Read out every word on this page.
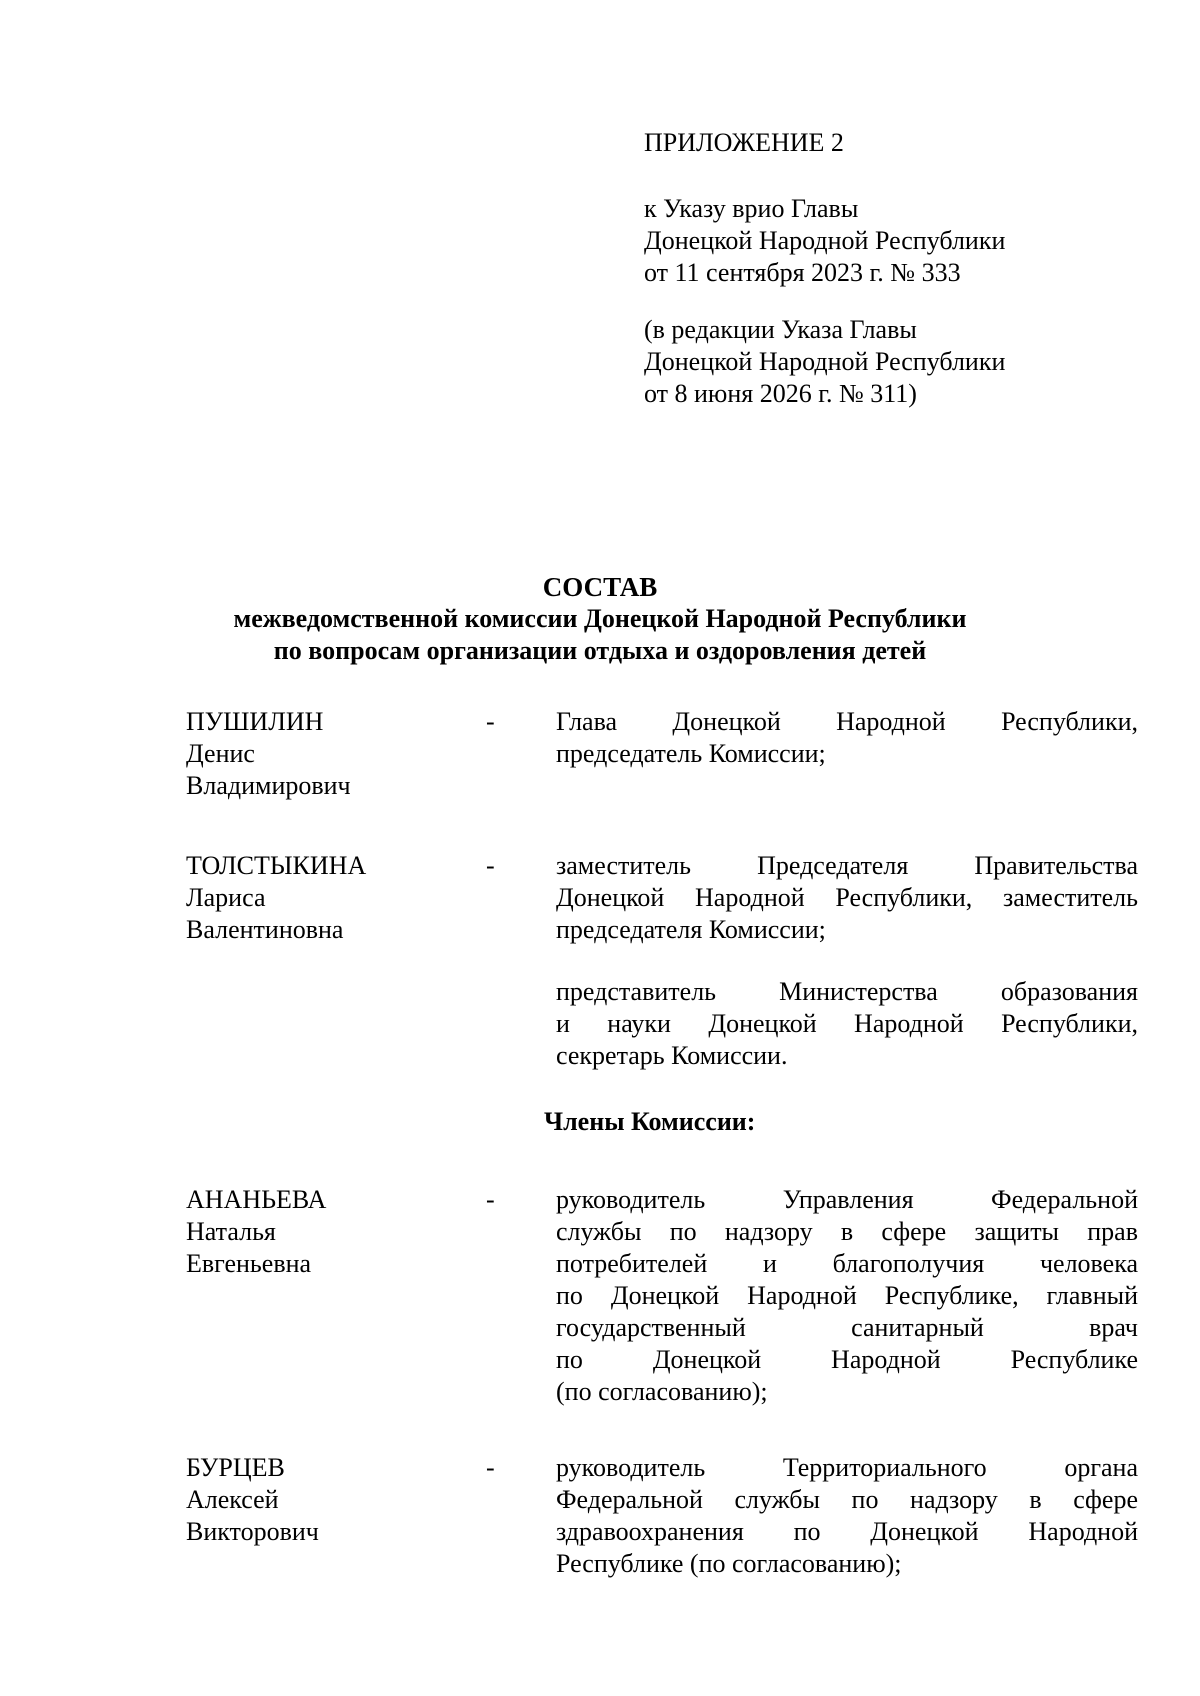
ПРИЛОЖЕНИЕ 2
к Указу врио Главы
Донецкой Народной Республики
от 11 сентября 2023 г. № 333
(в редакции Указа Главы
Донецкой Народной Республики
от 8 июня 2026 г. № 311)
СОСТАВ
межведомственной комиссии Донецкой Народной Республики
по вопросам организации отдыха и оздоровления детей
ПУШИЛИН
Денис
Владимирович
-	Глава Донецкой Народной Республики,
председатель Комиссии;
ТОЛСТЫКИНА
Лариса
Валентиновна
-	заместитель Председателя Правительства
Донецкой Народной Республики, заместитель
председателя Комиссии;
представитель Министерства образования
и науки Донецкой Народной Республики,
секретарь Комиссии.
Члены Комиссии:
АНАНЬЕВА
Наталья
Евгеньевна
-	руководитель Управления Федеральной
службы по надзору в сфере защиты прав
потребителей и благополучия человека
по Донецкой Народной Республике, главный
государственный санитарный врач
по Донецкой Народной Республике
(по согласованию);
БУРЦЕВ
Алексей
Викторович
-	руководитель Территориального органа
Федеральной службы по надзору в сфере
здравоохранения по Донецкой Народной
Республике (по согласованию);
